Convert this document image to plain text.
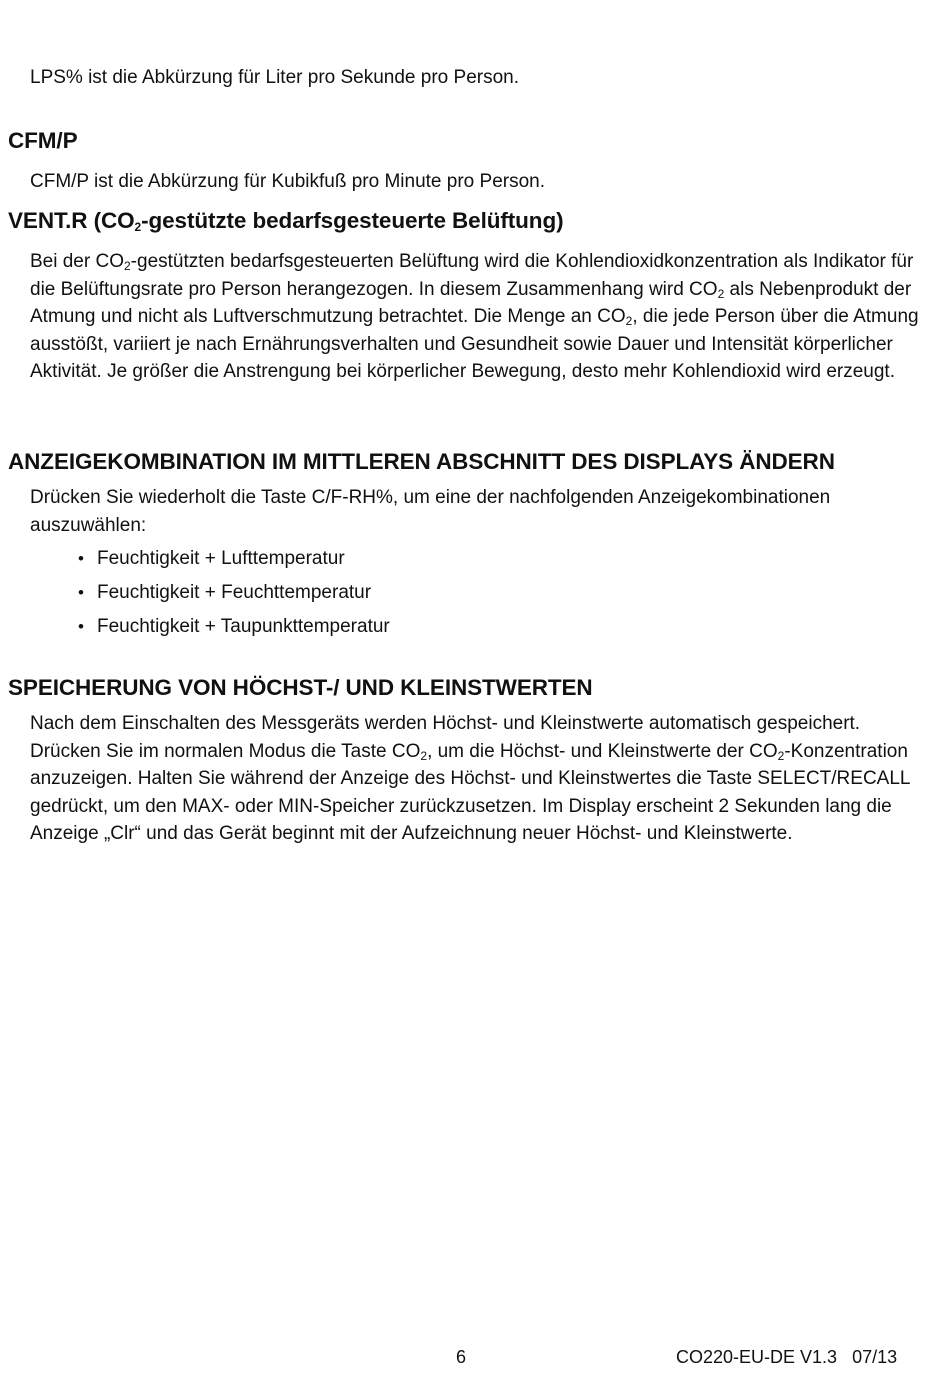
LPS% ist die Abkürzung für Liter pro Sekunde pro Person.

CFM/P

CFM/P ist die Abkürzung für Kubikfuß pro Minute pro Person.

VENT.R ($CO_2$-gestützte bedarfsgesteuerte Belüftung)

Bei der $CO_2$-gestützten bedarfsgesteuerten Belüftung wird die Kohlendioxidkonzentration als Indikator für die Belüftungsrate pro Person herangezogen. In diesem Zusammenhang wird $CO_2$ als Nebenprodukt der Atmung und nicht als Luftverschmutzung betrachtet. Die Menge an $CO_2$, die jede Person über die Atmung ausstößt, variiert je nach Ernährungsverhalten und Gesundheit sowie Dauer und Intensität körperlicher Aktivität. Je größer die Anstrengung bei körperlicher Bewegung, desto mehr Kohlendioxid wird erzeugt.

ANZEIGEKOMBINATION IM MITTLEREN ABSCHNITT DES DISPLAYS ÄNDERN

Drücken Sie wiederholt die Taste C/F-RH%, um eine der nachfolgenden Anzeigekombinationen auszuwählen:

• Feuchtigkeit + Lufttemperatur
• Feuchtigkeit + Feuchttemperatur
• Feuchtigkeit + Taupunkttemperatur
SPEICHERUNG VON HÖCHST-/ UND KLEINSTWERTEN

Nach dem Einschalten des Messgeräts werden Höchst- und Kleinstwerte automatisch gespeichert. Drücken Sie im normalen Modus die Taste $CO_2$, um die Höchst- und Kleinstwerte der $CO_2$-Konzentration anzuzeigen. Halten Sie während der Anzeige des Höchst- und Kleinstwertes die Taste SELECT/RECALL gedrückt, um den MAX- oder MIN-Speicher zurückzusetzen. Im Display erscheint 2 Sekunden lang die Anzeige „Clr“ und das Gerät beginnt mit der Aufzeichnung neuer Höchst- und Kleinstwerte.

6	CO220-EU-DE V1.3   07/13
